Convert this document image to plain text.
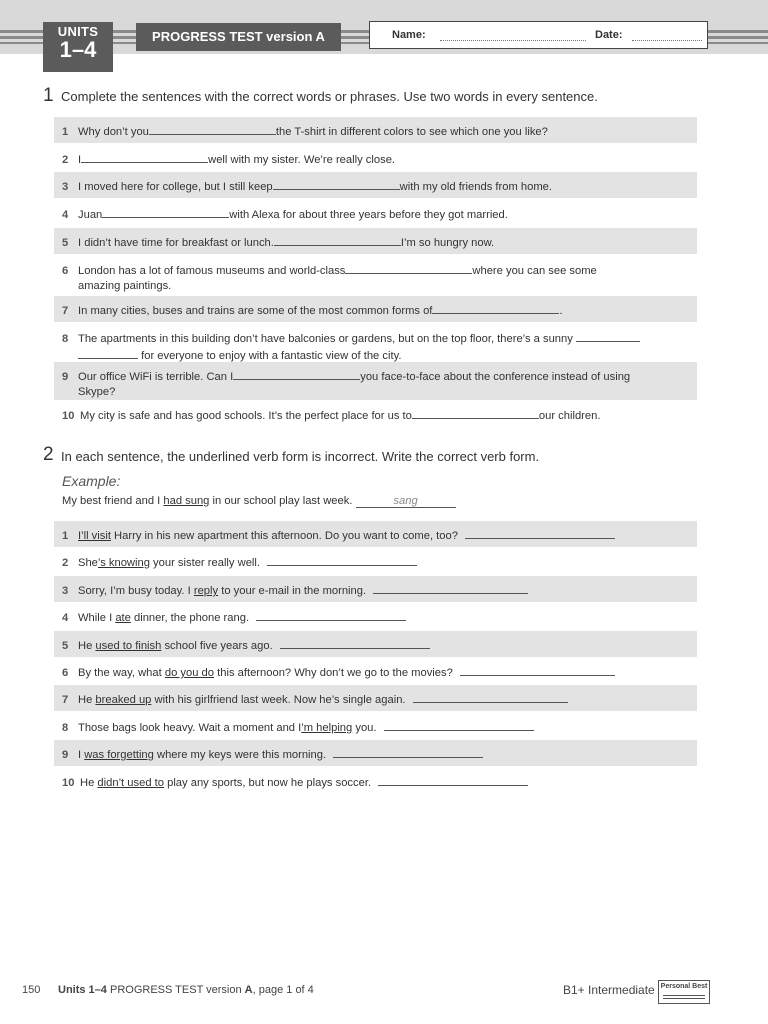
UNITS
1–4
PROGRESS TEST version A	Name:	Date:
1 Complete the sentences with the correct words or phrases. Use two words in every sentence.
1 Why don’t you	the T-shirt in different colors to see which one you like?
2 I	well with my sister. We’re really close.
3 I moved here for college, but I still keep	with my old friends from home.
4 Juan	with Alexa for about three years before they got married.
5 I didn’t have time for breakfast or lunch.	I’m so hungry now.
6 London has a lot of famous museums and world-class	where you can see some
amazing paintings.
7 In many cities, buses and trains are some of the most common forms of	.
8 The apartments in this building don’t have balconies or gardens, but on the top floor, there’s a sunny
for everyone to enjoy with a fantastic view of the city.
9 Our office WiFi is terrible. Can I	you face-to-face about the conference instead of using
Skype?
10 My city is safe and has good schools. It’s the perfect place for us to	our children.
2 In each sentence, the underlined verb form is incorrect. Write the correct verb form.
Example:
My best friend and I had sung in our school play last week.	sang
1 I’ll visit Harry in his new apartment this afternoon. Do you want to come, too?
2 She’s knowing your sister really well.
3 Sorry, I’m busy today. I reply to your e-mail in the morning.
4 While I ate dinner, the phone rang.
5 He used to finish school five years ago.
6 By the way, what do you do this afternoon? Why don’t we go to the movies?
7 He breaked up with his girlfriend last week. Now he’s single again.
8 Those bags look heavy. Wait a moment and I’m helping you.
9 I was forgetting where my keys were this morning.
10 He didn’t used to play any sports, but now he plays soccer.
150 Units 1–4 PROGRESS TEST version A, page 1 of 4	B1+ Intermediate Personal Best
